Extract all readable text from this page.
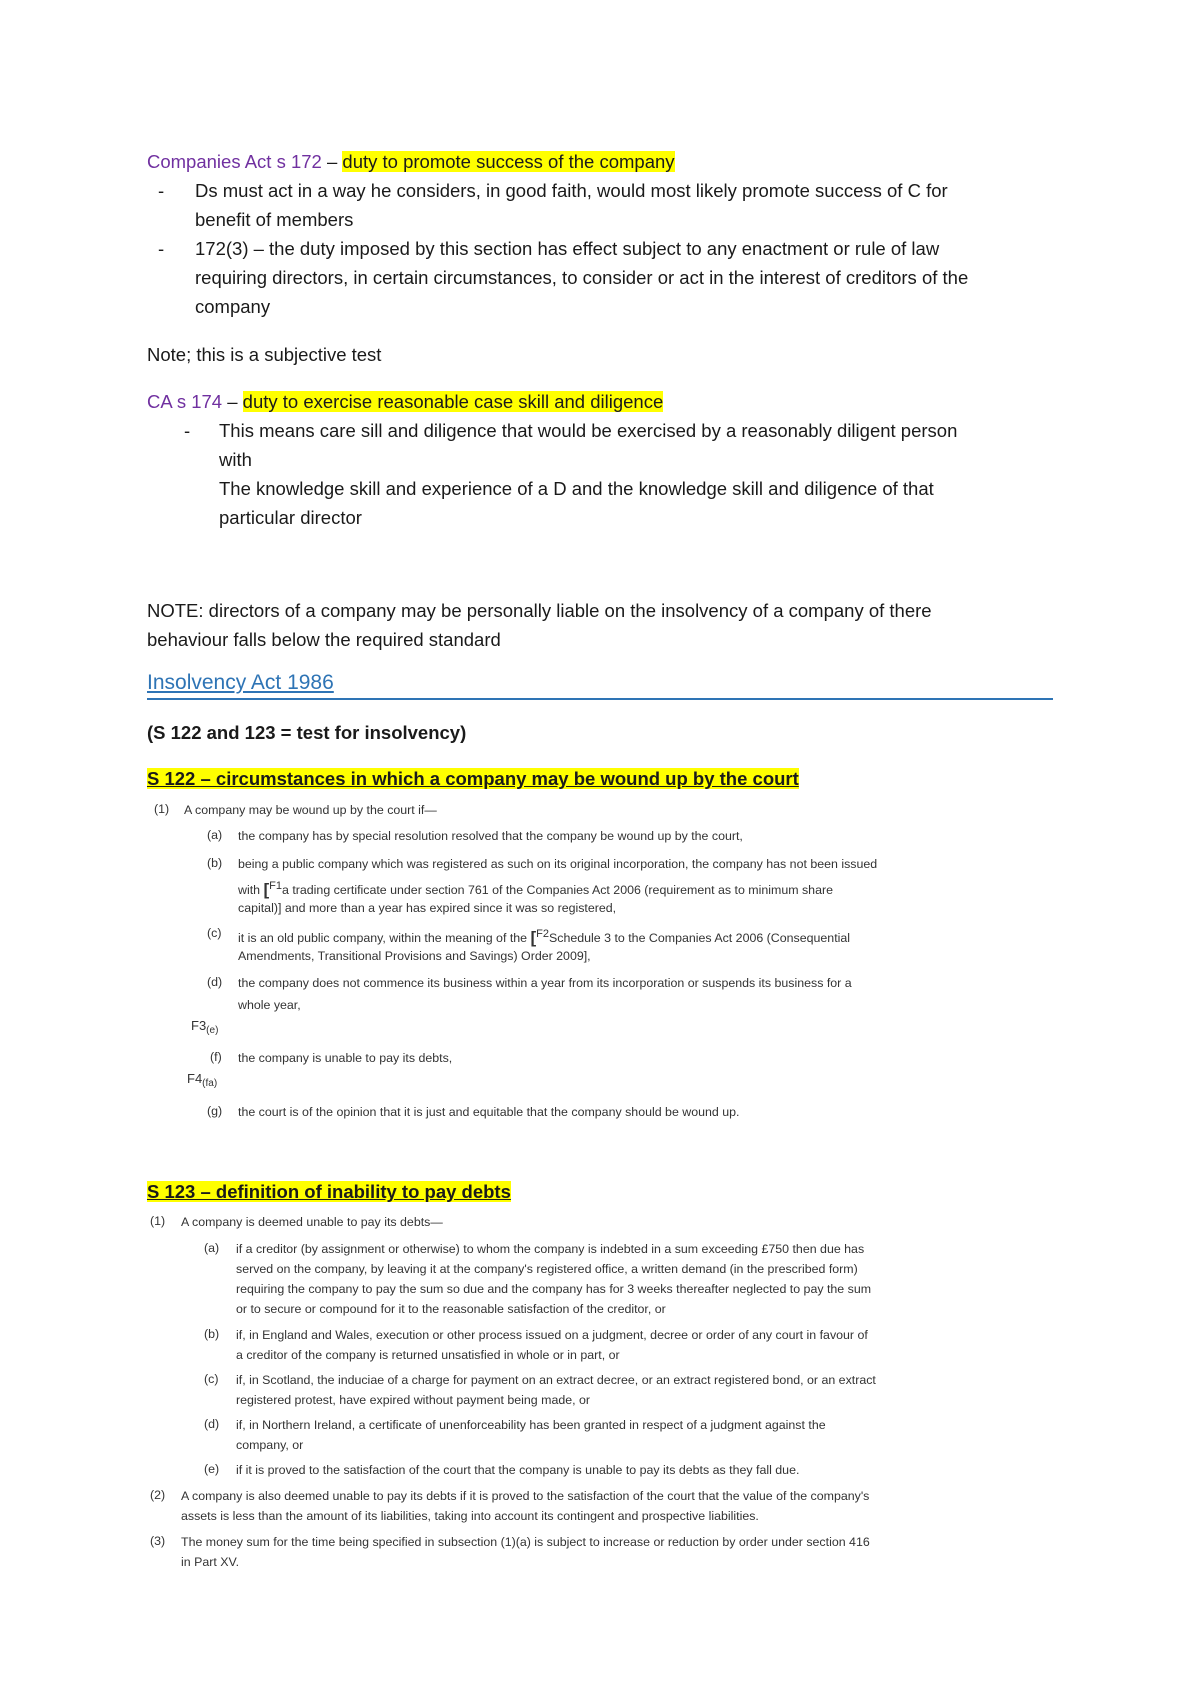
Companies Act s 172 – duty to promote success of the company
- Ds must act in a way he considers, in good faith, would most likely promote success of C for
benefit of members
- 172(3) – the duty imposed by this section has effect subject to any enactment or rule of law
requiring directors, in certain circumstances, to consider or act in the interest of creditors of the
company
Note; this is a subjective test
CA s 174 – duty to exercise reasonable case skill and diligence
- This means care sill and diligence that would be exercised by a reasonably diligent person
with
The knowledge skill and experience of a D and the knowledge skill and diligence of that
particular director
NOTE: directors of a company may be personally liable on the insolvency of a company of there
behaviour falls below the required standard
Insolvency Act 1986
(S 122 and 123 = test for insolvency)
S 122 – circumstances in which a company may be wound up by the court
(1) A company may be wound up by the court if—
(a) the company has by special resolution resolved that the company be wound up by the court,
(b) being a public company which was registered as such on its original incorporation, the company has not been issued
with [F1a trading certificate under section 761 of the Companies Act 2006 (requirement as to minimum share
capital)] and more than a year has expired since it was so registered,
(c) it is an old public company, within the meaning of the [F2Schedule 3 to the Companies Act 2006 (Consequential
Amendments, Transitional Provisions and Savings) Order 2009],
(d) the company does not commence its business within a year from its incorporation or suspends its business for a
whole year,
$F3_{(e)}$
(f) the company is unable to pay its debts,
$F4_{(fa)}$
(g) the court is of the opinion that it is just and equitable that the company should be wound up.
S 123 – definition of inability to pay debts
(1) A company is deemed unable to pay its debts—
(a) if a creditor (by assignment or otherwise) to whom the company is indebted in a sum exceeding £750 then due has
served on the company, by leaving it at the company's registered office, a written demand (in the prescribed form)
requiring the company to pay the sum so due and the company has for 3 weeks thereafter neglected to pay the sum
or to secure or compound for it to the reasonable satisfaction of the creditor, or
(b) if, in England and Wales, execution or other process issued on a judgment, decree or order of any court in favour of
a creditor of the company is returned unsatisfied in whole or in part, or
(c) if, in Scotland, the induciae of a charge for payment on an extract decree, or an extract registered bond, or an extract
registered protest, have expired without payment being made, or
(d) if, in Northern Ireland, a certificate of unenforceability has been granted in respect of a judgment against the
company, or
(e) if it is proved to the satisfaction of the court that the company is unable to pay its debts as they fall due.
(2) A company is also deemed unable to pay its debts if it is proved to the satisfaction of the court that the value of the company's
assets is less than the amount of its liabilities, taking into account its contingent and prospective liabilities.
(3) The money sum for the time being specified in subsection (1)(a) is subject to increase or reduction by order under section 416
in Part XV.
